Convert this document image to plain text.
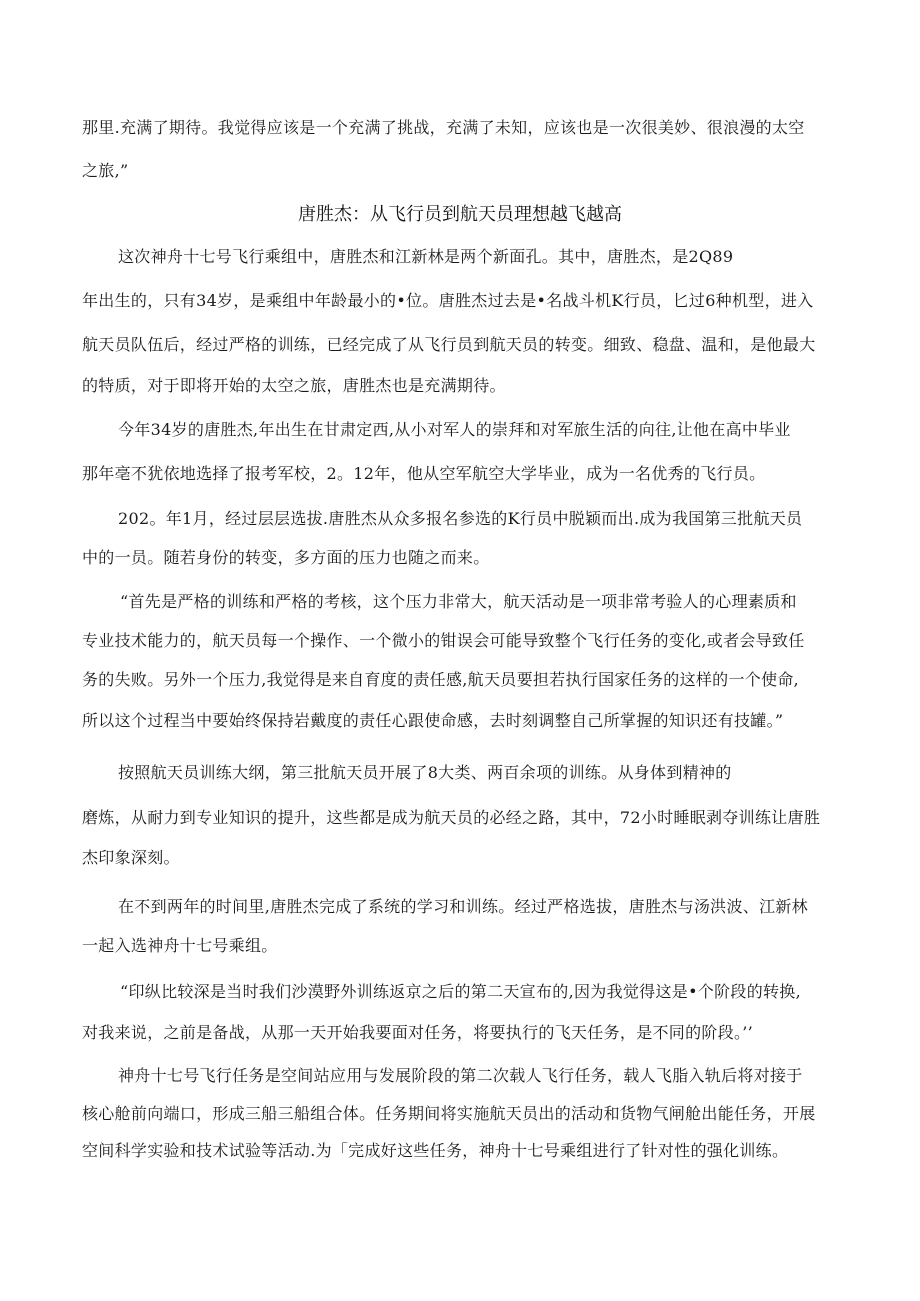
那里.充满了期待。我觉得应该是一个充满了挑战，充满了未知，应该也是一次很美妙、很浪漫的太空
之旅,”
唐胜杰：从飞行员到航天员理想越飞越高
这次神舟十七号飞行乘组中，唐胜杰和江新林是两个新面孔。其中，唐胜杰，是2Q89
年出生的，只有34岁，是乘组中年龄最小的•位。唐胜杰过去是•名战斗机K行员，匕过6种机型，进入
航天员队伍后，经过严格的训练，已经完成了从飞行员到航天员的转变。细致、稳盘、温和，是他最大
的特质，对于即将开始的太空之旅，唐胜杰也是充满期待。
今年34岁的唐胜杰,年出生在甘肃定西,从小对军人的崇拜和对军旅生活的向往,让他在高中毕业
那年亳不犹依地选择了报考军校，2。12年，他从空军航空大学毕业，成为一名优秀的飞行员。
202。年1月，经过层层选拔.唐胜杰从众多报名参选的K行员中脱颖而出.成为我国第三批航天员
中的一员。随若身份的转变，多方面的压力也随之而来。
“首先是严格的训练和严格的考核，这个压力非常大，航天活动是一项非常考验人的心理素质和
专业技术能力的，航天员每一个操作、一个微小的钳误会可能导致整个飞行任务的变化,或者会导致任
务的失败。另外一个压力,我觉得是来自育度的责任感,航天员要担若执行国家任务的这样的一个使命,
所以这个过程当中要始终保持岩戴度的责任心跟使命感，去时刻调整自己所掌握的知识还有技罐。”
按照航天员训练大纲，第三批航天员开展了8大类、两百余项的训练。从身体到精神的
磨炼，从耐力到专业知识的提升，这些都是成为航天员的必经之路，其中，72小时睡眠剥夺训练让唐胜
杰印象深刻。
在不到两年的时间里,唐胜杰完成了系统的学习和训练。经过严格选拔，唐胜杰与汤洪波、江新林
一起入选神舟十七号乘组。
“印纵比较深是当时我们沙漠野外训练返京之后的第二天宣布的,因为我觉得这是•个阶段的转换,
对我来说，之前是备战，从那一天开始我要面对任务，将要执行的飞天任务，是不同的阶段。’’
神舟十七号飞行任务是空间站应用与发展阶段的第二次载人飞行任务，载人飞脂入轨后将对接于
核心舱前向端口，形成三船三船组合体。任务期间将实施航天员出的活动和货物气闸舱出能任务，开展
空间科学实验和技术试验等活动.为「完成好这些任务，神舟十七号乘组进行了针对性的强化训练。
